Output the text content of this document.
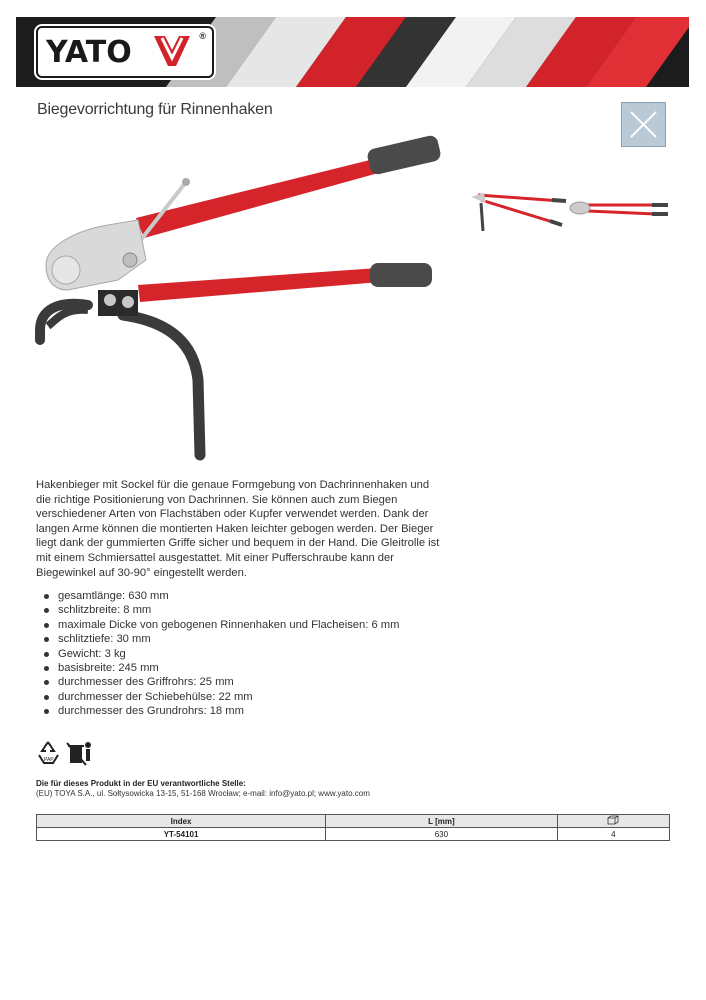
YATO	®
Biegevorrichtung für Rinnenhaken

Hakenbieger mit Sockel für die genaue Formgebung von Dachrinnenhaken und die richtige Positionierung von Dachrinnen. Sie können auch zum Biegen verschiedener Arten von Flachstäben oder Kupfer verwendet werden. Dank der langen Arme können die montierten Haken leichter gebogen werden. Der Bieger liegt dank der gummierten Griffe sicher und bequem in der Hand. Die Gleitrolle ist mit einem Schmiersattel ausgestattet. Mit einer Pufferschraube kann der Biegewinkel auf 30-90° eingestellt werden.

gesamtlänge: 630 mm
schlitzbreite: 8 mm
maximale Dicke von gebogenen Rinnenhaken und Flacheisen: 6 mm
schlitztiefe: 30 mm
Gewicht: 3 kg
basisbreite: 245 mm
durchmesser des Griffrohrs: 25 mm
durchmesser der Schiebehülse: 22 mm
durchmesser des Grundrohrs: 18 mm
PAP
Die für dieses Produkt in der EU verantwortliche Stelle:
(EU) TOYA S.A., ul. Sołtysowicka 13-15, 51-168 Wrocław; e-mail: info@yato.pl; www.yato.com
Index	L [mm]	
YT-54101	630	4
